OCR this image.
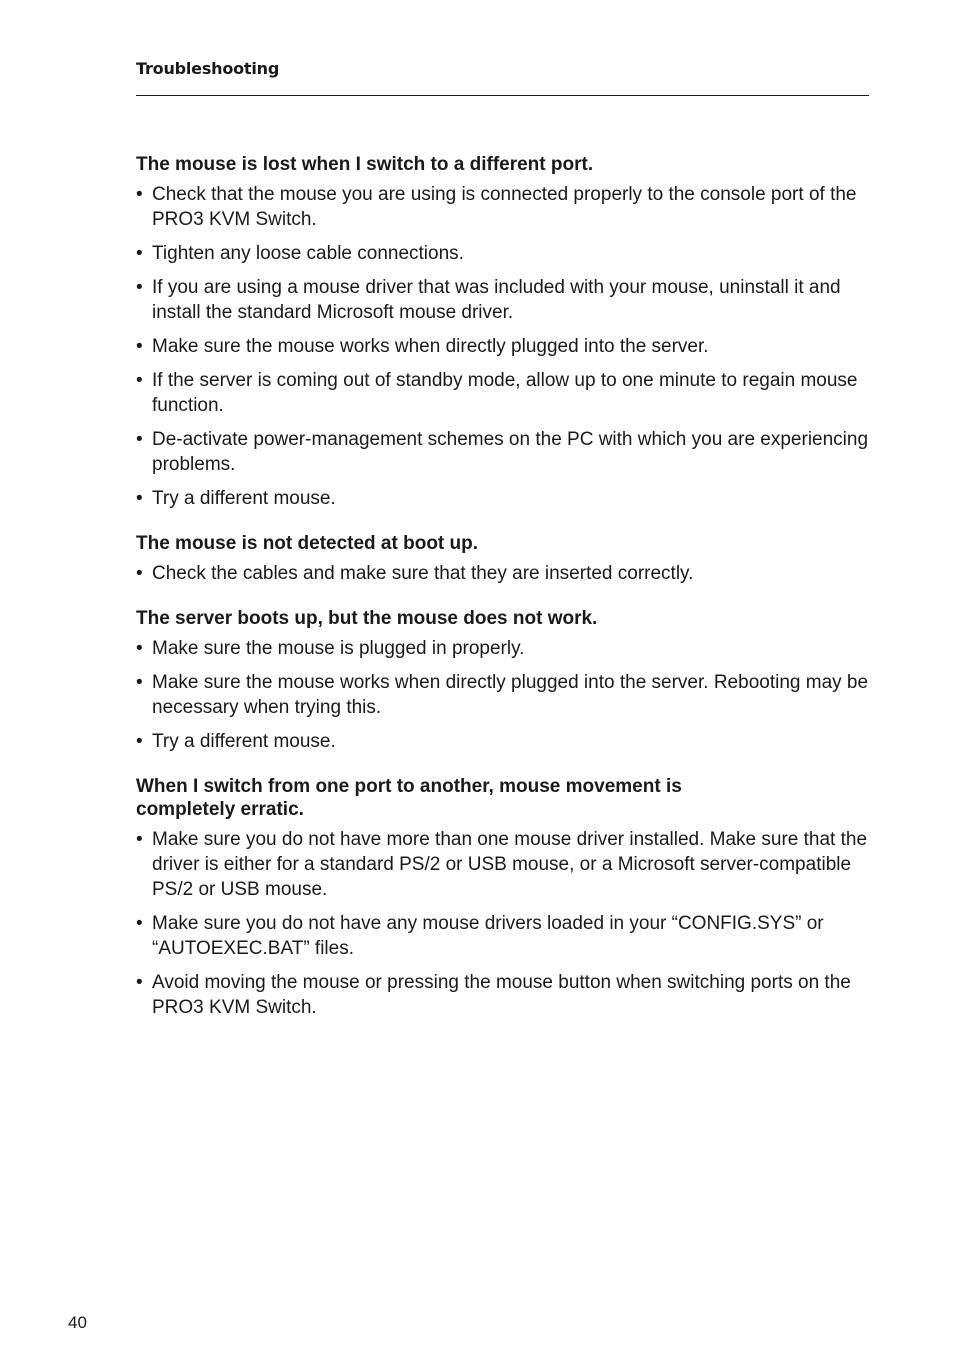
Troubleshooting
The mouse is lost when I switch to a different port.
• Check that the mouse you are using is connected properly to the console port of the PRO3 KVM Switch.
• Tighten any loose cable connections.
• If you are using a mouse driver that was included with your mouse, uninstall it and install the standard Microsoft mouse driver.
• Make sure the mouse works when directly plugged into the server.
• If the server is coming out of standby mode, allow up to one minute to regain mouse function.
• De-activate power-management schemes on the PC with which you are experiencing problems.
• Try a different mouse.
The mouse is not detected at boot up.
• Check the cables and make sure that they are inserted correctly.
The server boots up, but the mouse does not work.
• Make sure the mouse is plugged in properly.
• Make sure the mouse works when directly plugged into the server. Rebooting may be necessary when trying this.
• Try a different mouse.
When I switch from one port to another, mouse movement is completely erratic.
• Make sure you do not have more than one mouse driver installed. Make sure that the driver is either for a standard PS/2 or USB mouse, or a Microsoft server-compatible PS/2 or USB mouse.
• Make sure you do not have any mouse drivers loaded in your “CONFIG.SYS” or “AUTOEXEC.BAT” files.
• Avoid moving the mouse or pressing the mouse button when switching ports on the PRO3 KVM Switch.
40
